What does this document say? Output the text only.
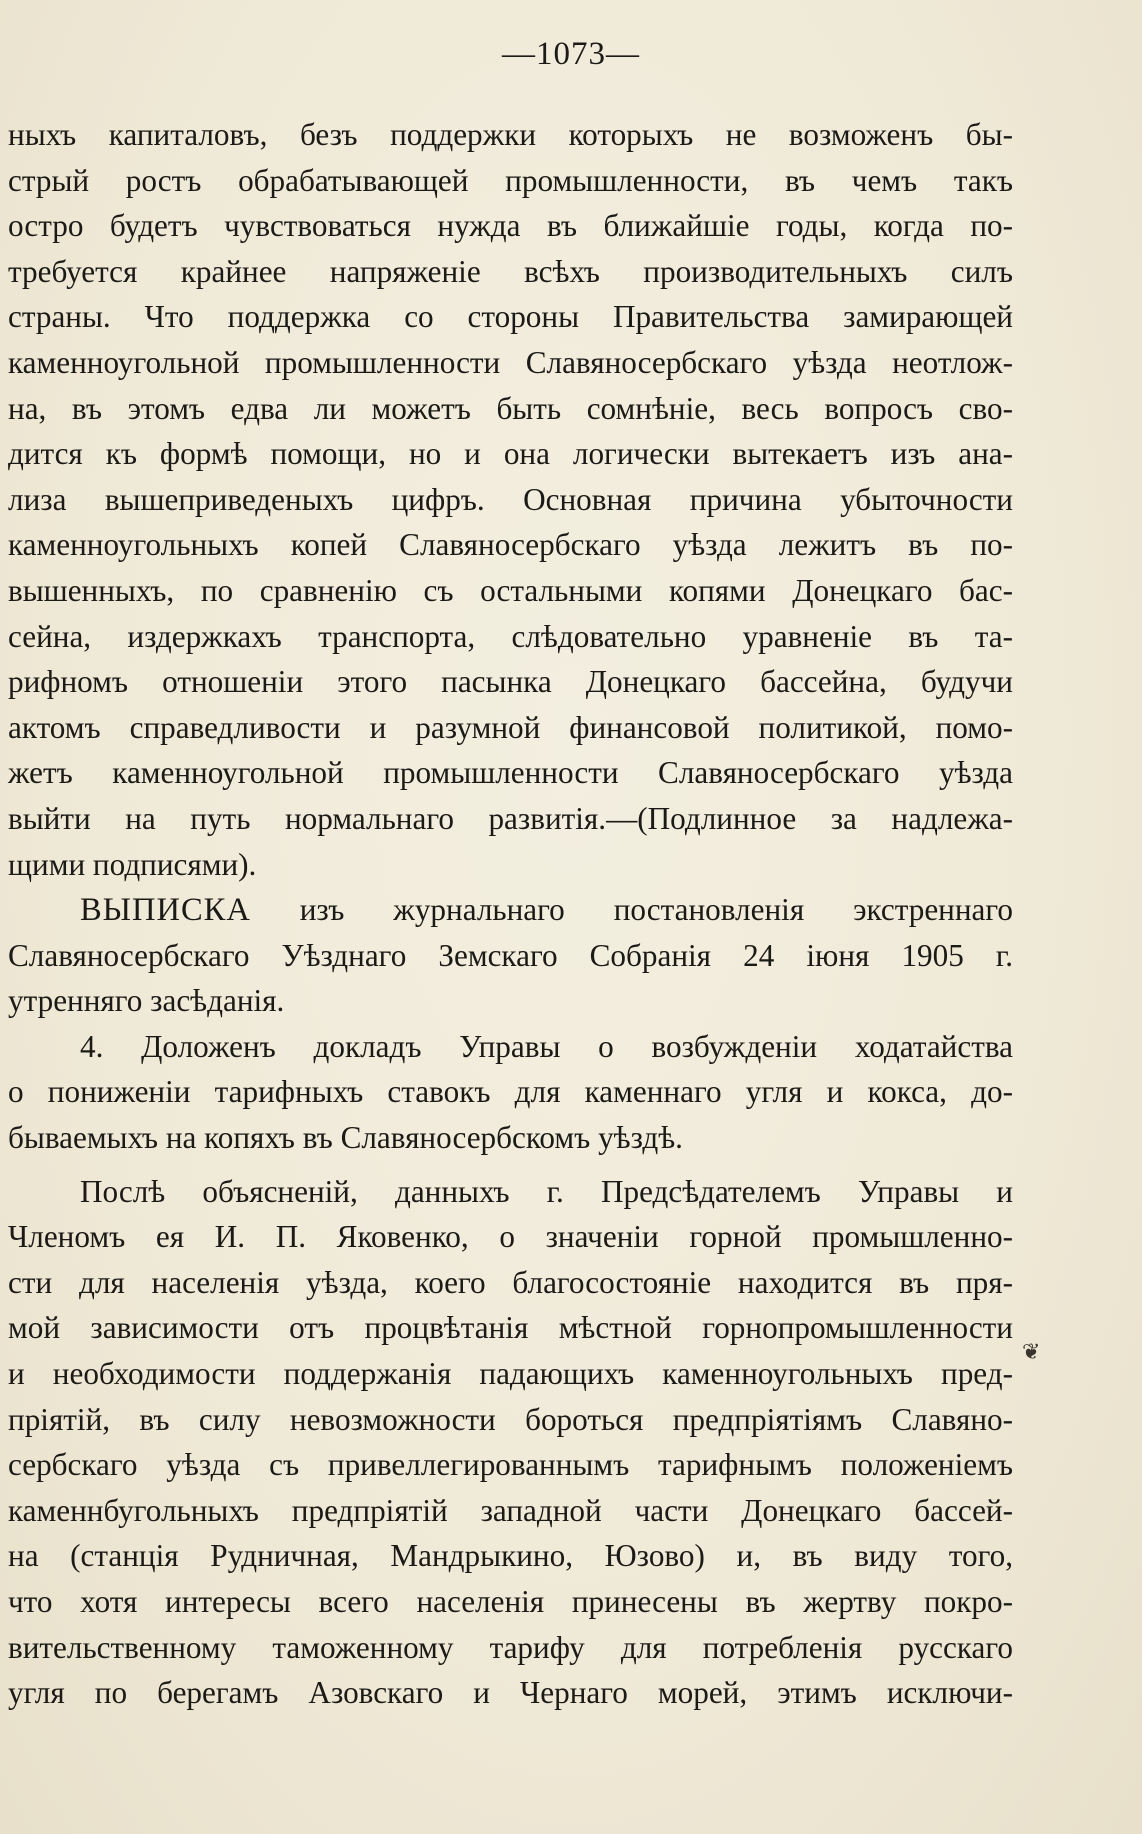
—1073—
ныхъ капиталовъ, безъ поддержки которыхъ не возможенъ бы-
стрый ростъ обрабатывающей промышленности, въ чемъ такъ
остро будетъ чувствоваться нужда въ ближайшіе годы, когда по-
требуется крайнее напряженіе всѣхъ производительныхъ силъ
страны. Что поддержка со стороны Правительства замирающей
каменноугольной промышленности Славяносербскаго уѣзда неотлож-
на, въ этомъ едва ли можетъ быть сомнѣніе, весь вопросъ сво-
дится къ формѣ помощи, но и она логически вытекаетъ изъ ана-
лиза вышеприведеныхъ цифръ. Основная причина убыточности
каменноугольныхъ копей Славяносербскаго уѣзда лежитъ въ по-
вышенныхъ, по сравненію съ остальными копями Донецкаго бас-
сейна, издержкахъ транспорта, слѣдовательно уравненіе въ та-
рифномъ отношеніи этого пасынка Донецкаго бассейна, будучи
актомъ справедливости и разумной финансовой политикой, помо-
жетъ каменноугольной промышленности Славяносербскаго уѣзда
выйти на путь нормальнаго развитія.—(Подлинное за надлежа-
щими подписями).
ВЫПИСКА изъ журнальнаго постановленія экстреннаго
Славяносербскаго Уѣзднаго Земскаго Собранія 24 іюня 1905 г.
утренняго засѣданія.
4. Доложенъ докладъ Управы о возбужденіи ходатайства
о пониженіи тарифныхъ ставокъ для каменнаго угля и кокса, до-
бываемыхъ на копяхъ въ Славяносербскомъ уѣздѣ.
Послѣ объясненій, данныхъ г. Предсѣдателемъ Управы и
Членомъ ея И. П. Яковенко, о значеніи горной промышленно-
сти для населенія уѣзда, коего благосостояніе находится въ пря-
мой зависимости отъ процвѣтанія мѣстной горнопромышленности
и необходимости поддержанія падающихъ каменноугольныхъ пред-
пріятій, въ силу невозможности бороться предпріятіямъ Славяно-
сербскаго уѣзда съ привеллегированнымъ тарифнымъ положеніемъ
каменнбугольныхъ предпріятій западной части Донецкаго бассей-
на (станція Рудничная, Мандрыкино, Юзово) и, въ виду того,
что хотя интересы всего населенія принесены въ жертву покро-
вительственному таможенному тарифу для потребленія русскаго
угля по берегамъ Азовскаго и Чернаго морей, этимъ исключи-
❦
